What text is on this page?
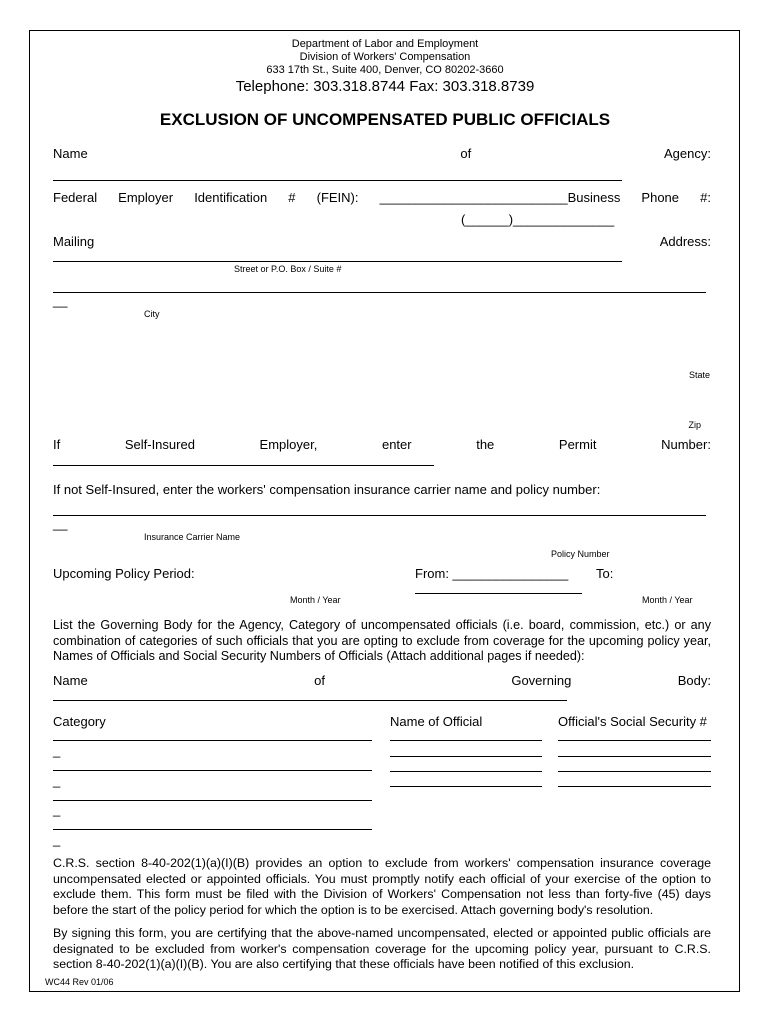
Department of Labor and Employment
Division of Workers' Compensation
633 17th St., Suite 400, Denver, CO 80202-3660
Telephone: 303.318.8744 Fax: 303.318.8739
EXCLUSION OF UNCOMPENSATED PUBLIC OFFICIALS
Name	of	Agency:
Federal Employer Identification # (FEIN): __________________________Business Phone #:
(______)______________
Mailing	Address:
Street or P.O. Box / Suite #
__
City
State
Zip
If	Self-Insured	Employer,	enter	the	Permit	Number:
If not Self-Insured, enter the workers' compensation insurance carrier name and policy number:
__
Insurance Carrier Name
Policy Number
Upcoming Policy Period:	From: ________________ To:
Month / Year	Month / Year
List the Governing Body for the Agency, Category of uncompensated officials (i.e. board, commission, etc.) or any combination of categories of such officials that you are opting to exclude from coverage for the upcoming policy year, Names of Officials and Social Security Numbers of Officials (Attach additional pages if needed):
Name	of	Governing	Body:
Category	Name of Official	Official's Social Security #
_
_
_
_
C.R.S. section 8-40-202(1)(a)(I)(B) provides an option to exclude from workers' compensation insurance coverage uncompensated elected or appointed officials. You must promptly notify each official of your exercise of the option to exclude them. This form must be filed with the Division of Workers' Compensation not less than forty-five (45) days before the start of the policy period for which the option is to be exercised. Attach governing body's resolution.
By signing this form, you are certifying that the above-named uncompensated, elected or appointed public officials are designated to be excluded from worker's compensation coverage for the upcoming policy year, pursuant to C.R.S. section 8-40-202(1)(a)(I)(B). You are also certifying that these officials have been notified of this exclusion.
WC44 Rev 01/06
